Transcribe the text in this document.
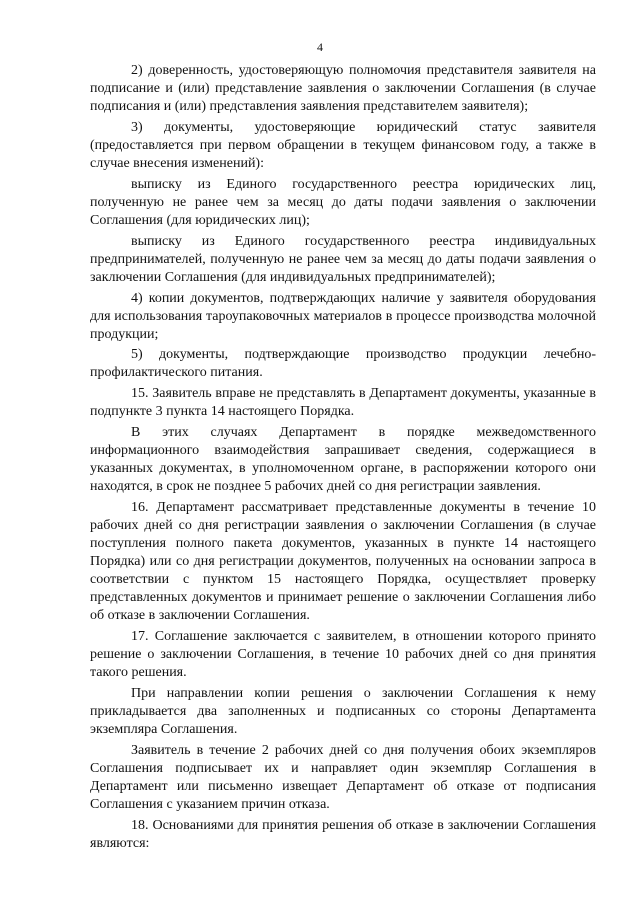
4

2) доверенность, удостоверяющую полномочия представителя заявителя на подписание и (или) представление заявления о заключении Соглашения (в случае подписания и (или) представления заявления представителем заявителя);

3) документы, удостоверяющие юридический статус заявителя (предоставляется при первом обращении в текущем финансовом году, а также в случае внесения изменений):

выписку из Единого государственного реестра юридических лиц, полученную не ранее чем за месяц до даты подачи заявления о заключении Соглашения (для юридических лиц);

выписку из Единого государственного реестра индивидуальных предпринимателей, полученную не ранее чем за месяц до даты подачи заявления о заключении Соглашения (для индивидуальных предпринимателей);

4) копии документов, подтверждающих наличие у заявителя оборудования для использования тароупаковочных материалов в процессе производства молочной продукции;

5) документы, подтверждающие производство продукции лечебно-профилактического питания.

15. Заявитель вправе не представлять в Департамент документы, указанные в подпункте 3 пункта 14 настоящего Порядка.

В этих случаях Департамент в порядке межведомственного информационного взаимодействия запрашивает сведения, содержащиеся в указанных документах, в уполномоченном органе, в распоряжении которого они находятся, в срок не позднее 5 рабочих дней со дня регистрации заявления.

16. Департамент рассматривает представленные документы в течение 10 рабочих дней со дня регистрации заявления о заключении Соглашения (в случае поступления полного пакета документов, указанных в пункте 14 настоящего Порядка) или со дня регистрации документов, полученных на основании запроса в соответствии с пунктом 15 настоящего Порядка, осуществляет проверку представленных документов и принимает решение о заключении Соглашения либо об отказе в заключении Соглашения.

17. Соглашение заключается с заявителем, в отношении которого принято решение о заключении Соглашения, в течение 10 рабочих дней со дня принятия такого решения.

При направлении копии решения о заключении Соглашения к нему прикладывается два заполненных и подписанных со стороны Департамента экземпляра Соглашения.

Заявитель в течение 2 рабочих дней со дня получения обоих экземпляров Соглашения подписывает их и направляет один экземпляр Соглашения в Департамент или письменно извещает Департамент об отказе от подписания Соглашения с указанием причин отказа.

18. Основаниями для принятия решения об отказе в заключении Соглашения являются:
